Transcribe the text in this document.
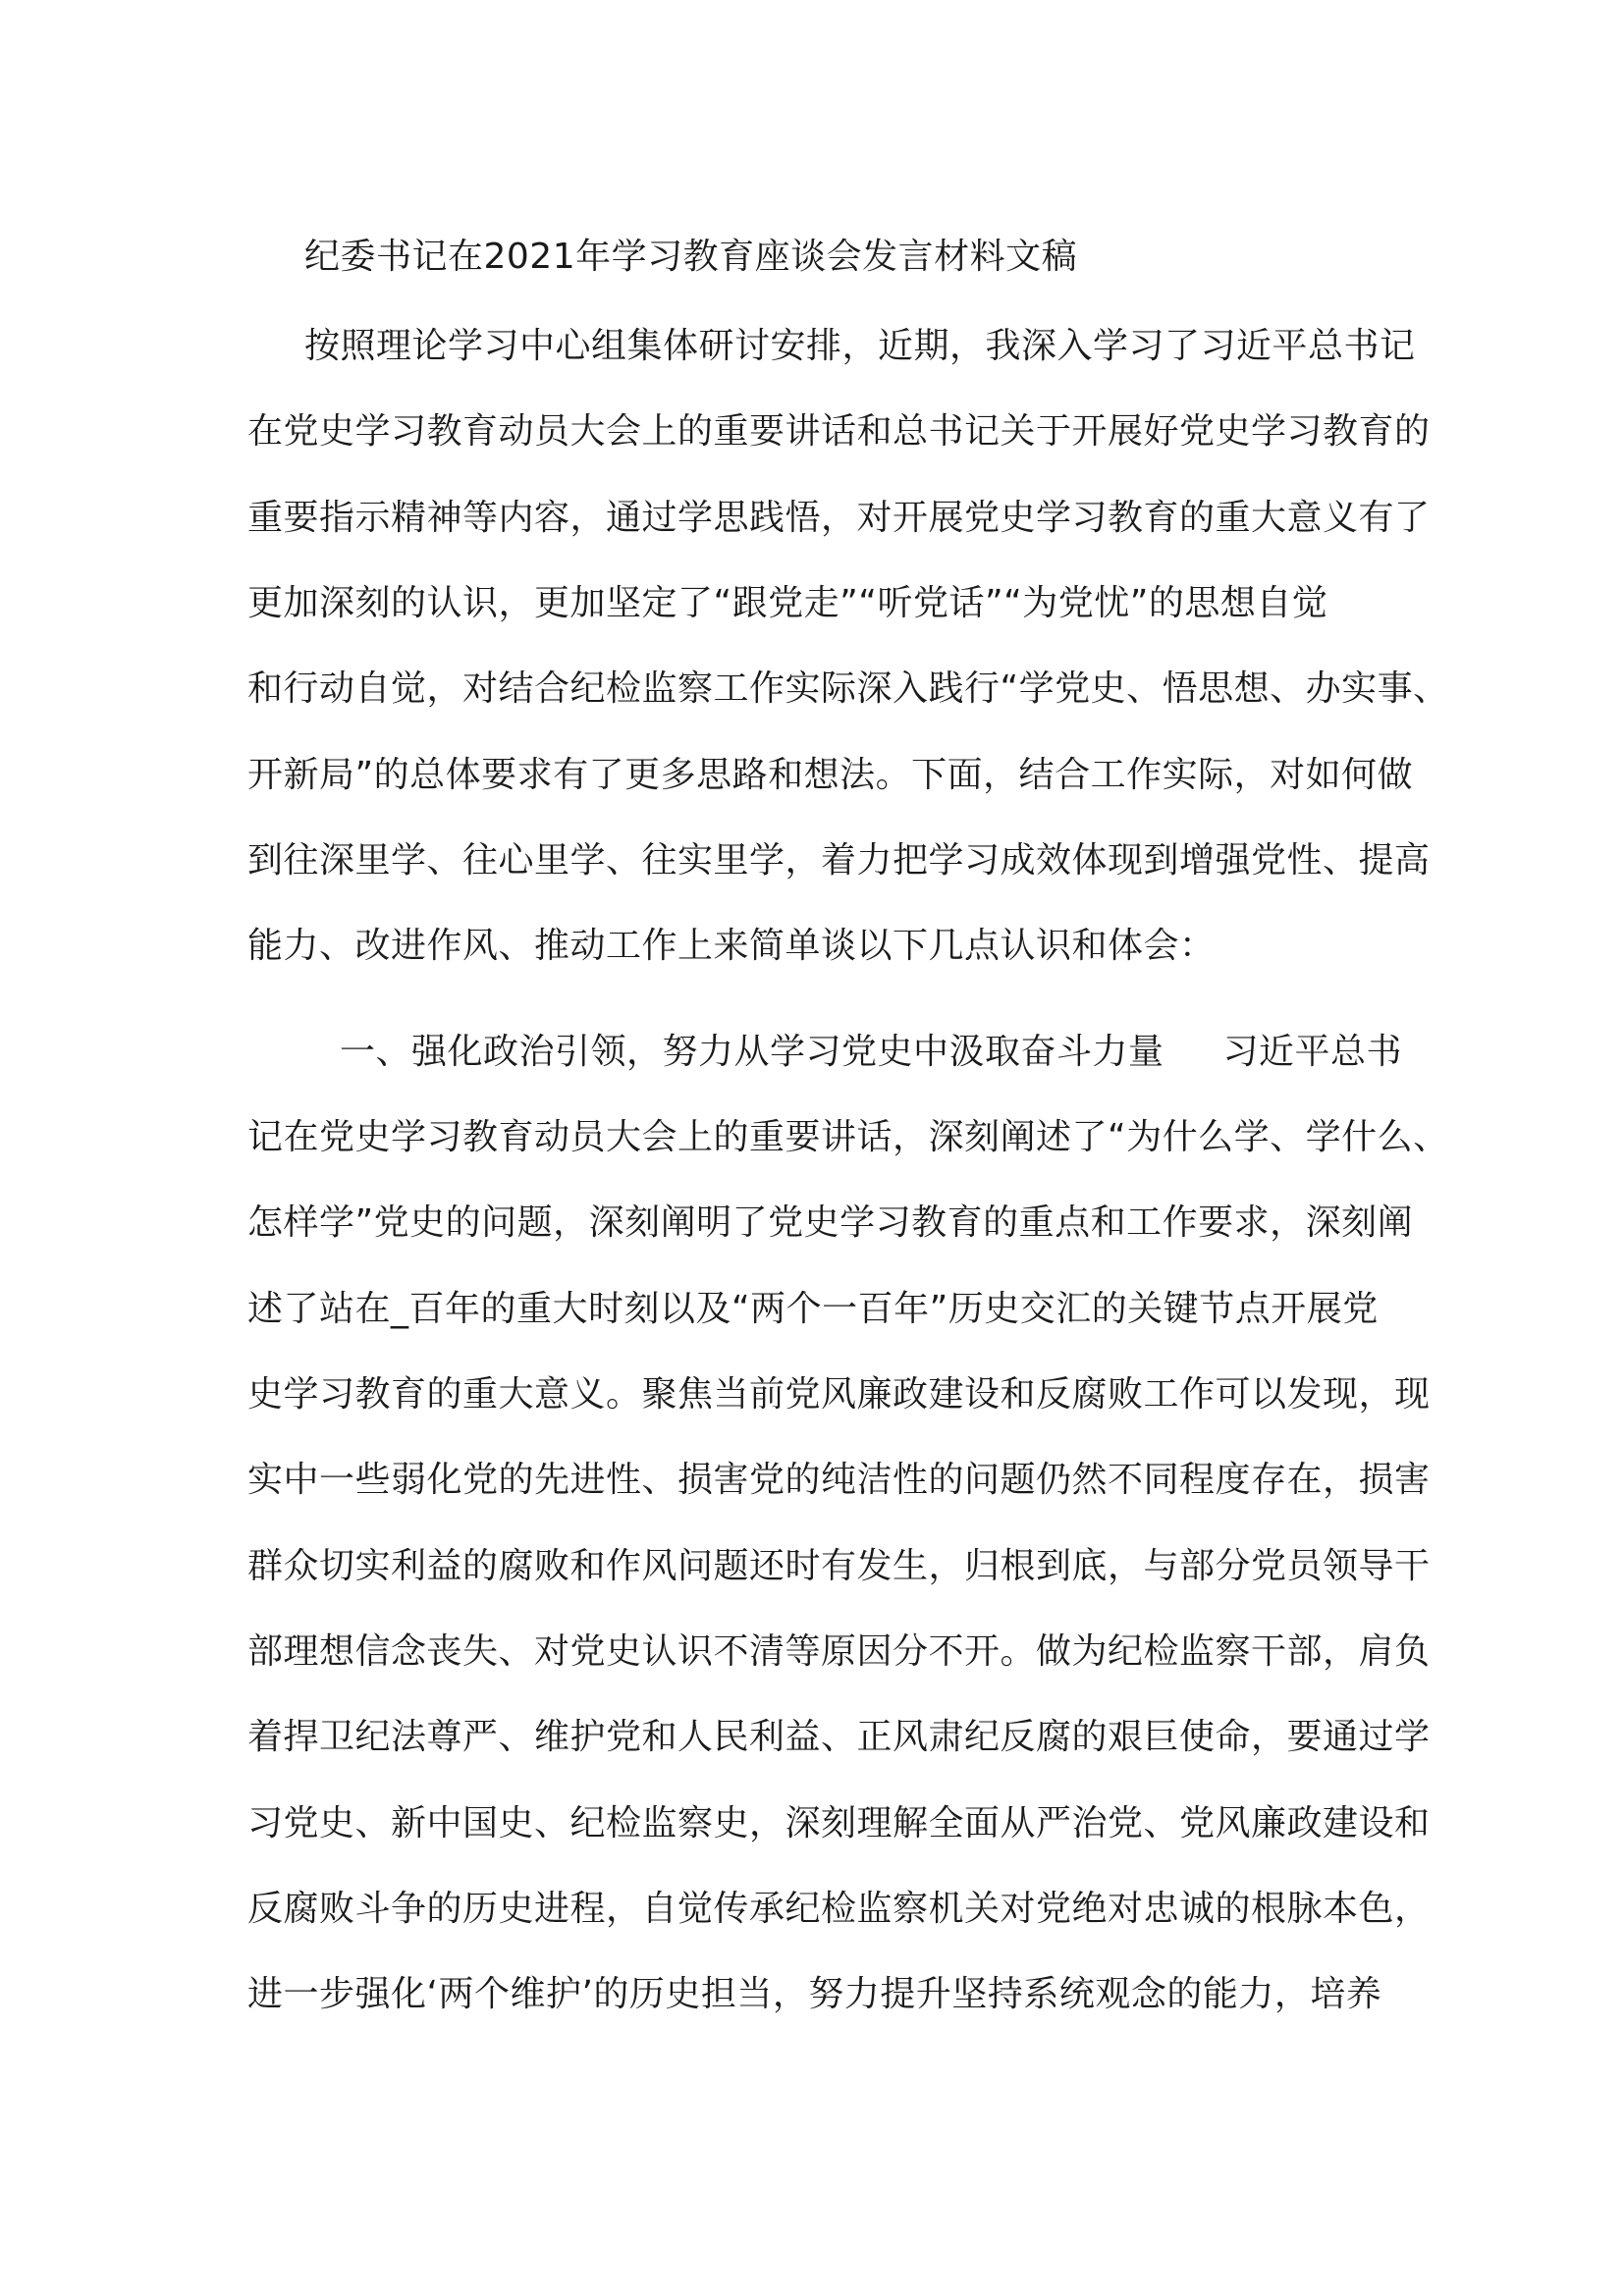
纪委书记在2021年学习教育座谈会发言材料文稿
按照理论学习中心组集体研讨安排，近期，我深入学习了习近平总书记
在党史学习教育动员大会上的重要讲话和总书记关于开展好党史学习教育的
重要指示精神等内容，通过学思践悟，对开展党史学习教育的重大意义有了
更加深刻的认识，更加坚定了“跟党走”“听党话”“为党忧”的思想自觉
和行动自觉，对结合纪检监察工作实际深入践行“学党史、悟思想、办实事、
开新局”的总体要求有了更多思路和想法。下面，结合工作实际，对如何做
到往深里学、往心里学、往实里学，着力把学习成效体现到增强党性、提高
能力、改进作风、推动工作上来简单谈以下几点认识和体会：
一、强化政治引领，努力从学习党史中汲取奋斗力量 习近平总书
记在党史学习教育动员大会上的重要讲话，深刻阐述了“为什么学、学什么、
怎样学”党史的问题，深刻阐明了党史学习教育的重点和工作要求，深刻阐
述了站在_百年的重大时刻以及“两个一百年”历史交汇的关键节点开展党
史学习教育的重大意义。聚焦当前党风廉政建设和反腐败工作可以发现，现
实中一些弱化党的先进性、损害党的纯洁性的问题仍然不同程度存在，损害
群众切实利益的腐败和作风问题还时有发生，归根到底，与部分党员领导干
部理想信念丧失、对党史认识不清等原因分不开。做为纪检监察干部，肩负
着捍卫纪法尊严、维护党和人民利益、正风肃纪反腐的艰巨使命，要通过学
习党史、新中国史、纪检监察史，深刻理解全面从严治党、党风廉政建设和
反腐败斗争的历史进程，自觉传承纪检监察机关对党绝对忠诚的根脉本色，
进一步强化‘两个维护’的历史担当，努力提升坚持系统观念的能力，培养
